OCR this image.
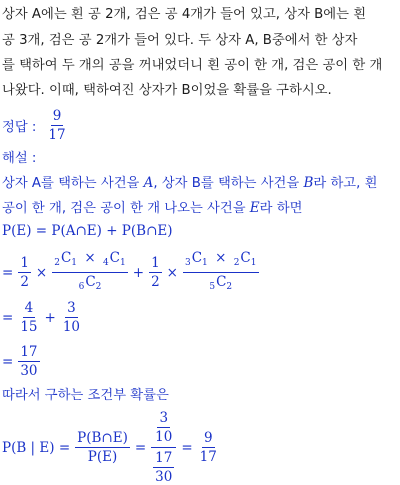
상자 A에는 흰 공 2개, 검은 공 4개가 들어 있고, 상자 B에는 흰
공 3개, 검은 공 2개가 들어 있다. 두 상자 A, B중에서 한 상자
를 택하여 두 개의 공을 꺼내었더니 흰 공이 한 개, 검은 공이 한 개
나왔다. 이때, 택하여진 상자가 B이었을 확률을 구하시오.
정답 : $\frac{9}{17}$
해설 :
상자 A를 택하는 사건을 A, 상자 B를 택하는 사건을 B라 하고, 흰
공이 한 개, 검은 공이 한 개 나오는 사건을 E라 하면
P(E) = P(A∩E) + P(B∩E)
= $\frac{1}{2} \times \frac{_2C_1 \times _4C_1}{_6C_2} + \frac{1}{2} \times \frac{_3C_1 \times _2C_1}{_5C_2}$
= $\frac{4}{15} + \frac{3}{10}$
= $\frac{17}{30}$
따라서 구하는 조건부 확률은
P(B | $E) = \frac{P(B\cap E)}{P(E)} = \frac{\frac{3}{10}}{\frac{17}{30}} = \frac{9}{17}$
